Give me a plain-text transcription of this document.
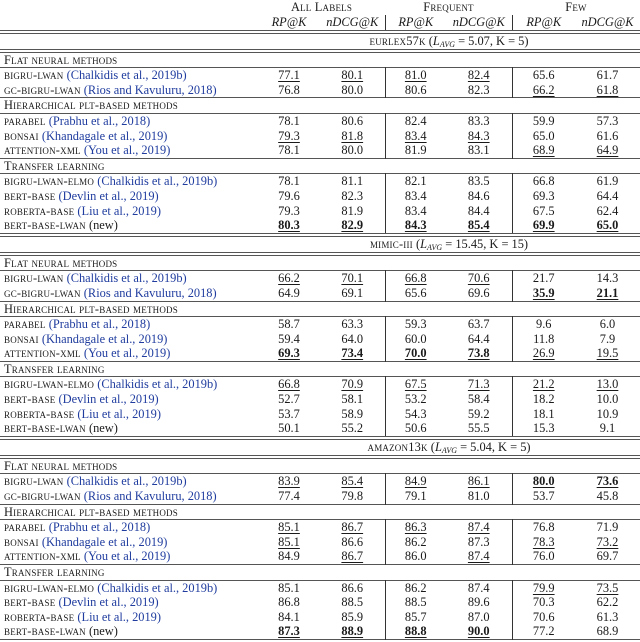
	All Labels		Frequent		Few	
	RP@K	nDCG@K	RP@K	nDCG@K	RP@K	nDCG@K
	eurlex57k ($L_{AVG} = 5.07$, K = 5)					
Flat neural methods						
bigru-lwan (Chalkidis et al., 2019b)	77.1	80.1	81.0	82.4	65.6	61.7
gc-bigru-lwan (Rios and Kavuluru, 2018)	76.8	80.0	80.6	82.3	66.2	61.8
Hierarchical plt-based methods						
parabel (Prabhu et al., 2018)	78.1	80.6	82.4	83.3	59.9	57.3
bonsai (Khandagale et al., 2019)	79.3	81.8	83.4	84.3	65.0	61.6
attention-xml (You et al., 2019)	78.1	80.0	81.9	83.1	68.9	64.9
Transfer learning						
bigru-lwan-elmo (Chalkidis et al., 2019b)	78.1	81.1	82.1	83.5	66.8	61.9
bert-base (Devlin et al., 2019)	79.6	82.3	83.4	84.6	69.3	64.4
roberta-base (Liu et al., 2019)	79.3	81.9	83.4	84.4	67.5	62.4
bert-base-lwan (new)	80.3	82.9	84.3	85.4	69.9	65.0
	mimic-iii ($L_{AVG} = 15.45$, K = 15)					
Flat neural methods						
bigru-lwan (Chalkidis et al., 2019b)	66.2	70.1	66.8	70.6	21.7	14.3
gc-bigru-lwan (Rios and Kavuluru, 2018)	64.9	69.1	65.6	69.6	35.9	21.1
Hierarchical plt-based methods						
parabel (Prabhu et al., 2018)	58.7	63.3	59.3	63.7	9.6	6.0
bonsai (Khandagale et al., 2019)	59.4	64.0	60.0	64.4	11.8	7.9
attention-xml (You et al., 2019)	69.3	73.4	70.0	73.8	26.9	19.5
Transfer learning						
bigru-lwan-elmo (Chalkidis et al., 2019b)	66.8	70.9	67.5	71.3	21.2	13.0
bert-base (Devlin et al., 2019)	52.7	58.1	53.2	58.4	18.2	10.0
roberta-base (Liu et al., 2019)	53.7	58.9	54.3	59.2	18.1	10.9
bert-base-lwan (new)	50.1	55.2	50.6	55.5	15.3	9.1
	amazon13k ($L_{AVG} = 5.04$, K = 5)					
Flat neural methods						
bigru-lwan (Chalkidis et al., 2019b)	83.9	85.4	84.9	86.1	80.0	73.6
gc-bigru-lwan (Rios and Kavuluru, 2018)	77.4	79.8	79.1	81.0	53.7	45.8
Hierarchical plt-based methods						
parabel (Prabhu et al., 2018)	85.1	86.7	86.3	87.4	76.8	71.9
bonsai (Khandagale et al., 2019)	85.1	86.6	86.2	87.3	78.3	73.2
attention-xml (You et al., 2019)	84.9	86.7	86.0	87.4	76.0	69.7
Transfer learning						
bigru-lwan-elmo (Chalkidis et al., 2019b)	85.1	86.6	86.2	87.4	79.9	73.5
bert-base (Devlin et al., 2019)	86.8	88.5	88.5	89.6	70.3	62.2
roberta-base (Liu et al., 2019)	84.1	85.9	85.7	87.0	70.6	61.3
bert-base-lwan (new)	87.3	88.9	88.8	90.0	77.2	68.9
